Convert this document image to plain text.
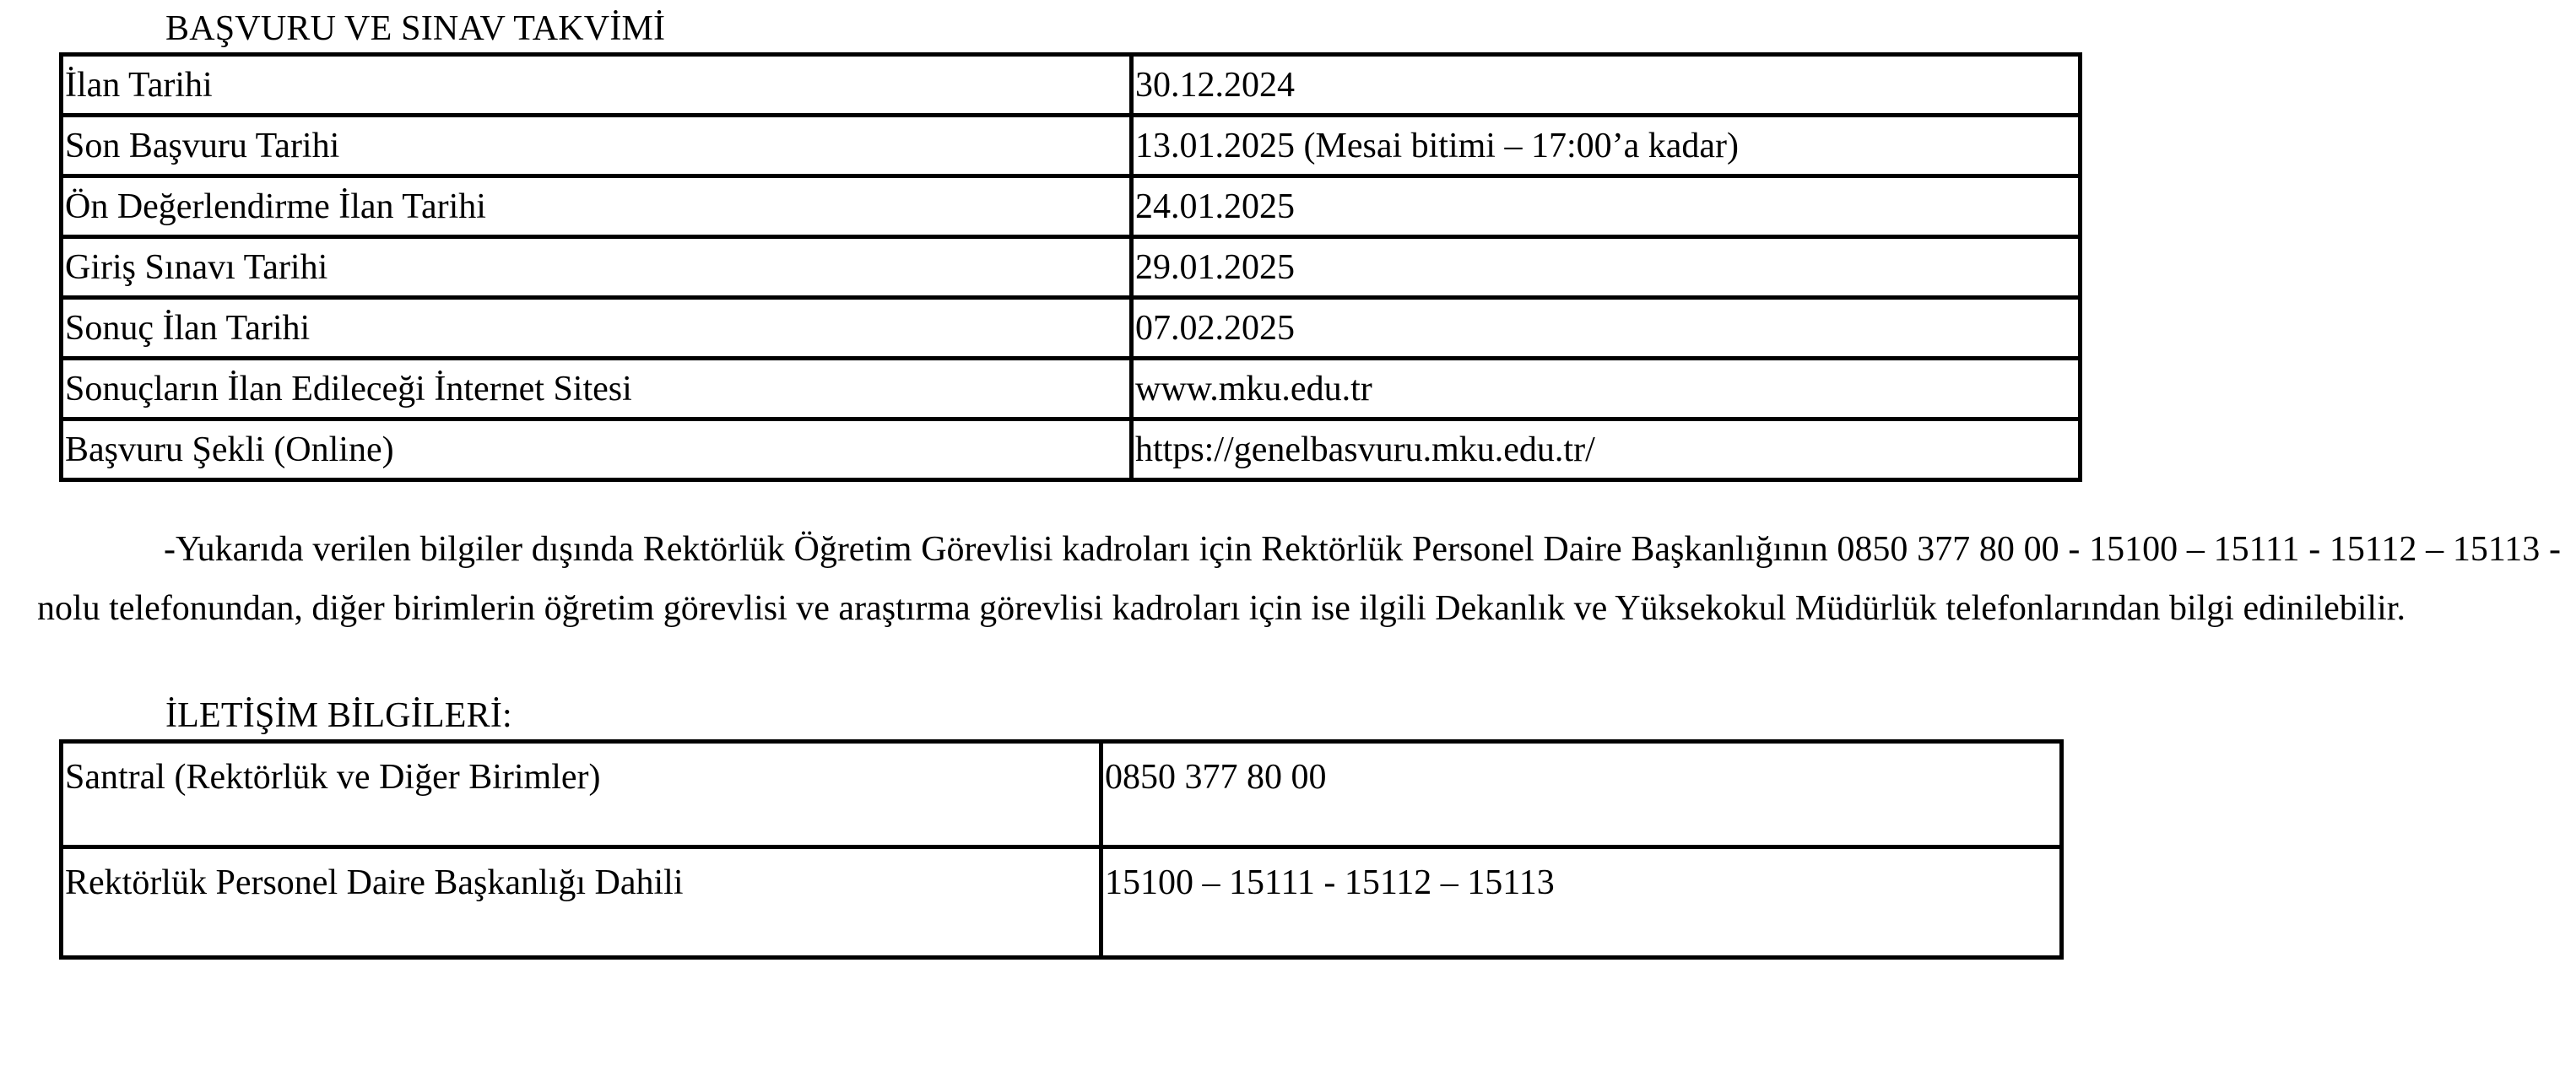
BAŞVURU VE SINAV TAKVİMİ
İlan Tarihi	30.12.2024
Son Başvuru Tarihi	13.01.2025 (Mesai bitimi – 17:00’a kadar)
Ön Değerlendirme İlan Tarihi	24.01.2025
Giriş Sınavı Tarihi	29.01.2025
Sonuç İlan Tarihi	07.02.2025
Sonuçların İlan Edileceği İnternet Sitesi	www.mku.edu.tr
Başvuru Şekli (Online)	https://genelbasvuru.mku.edu.tr/

-Yukarıda verilen bilgiler dışında Rektörlük Öğretim Görevlisi kadroları için Rektörlük Personel Daire Başkanlığının 0850 377 80 00 - 15100 – 15111 - 15112 – 15113 - nolu telefonundan, diğer birimlerin öğretim görevlisi ve araştırma görevlisi kadroları için ise ilgili Dekanlık ve Yüksekokul Müdürlük telefonlarından bilgi edinilebilir.

İLETİŞİM BİLGİLERİ:
Santral (Rektörlük ve Diğer Birimler)	0850 377 80 00
Rektörlük Personel Daire Başkanlığı Dahili	15100 – 15111 - 15112 – 15113
